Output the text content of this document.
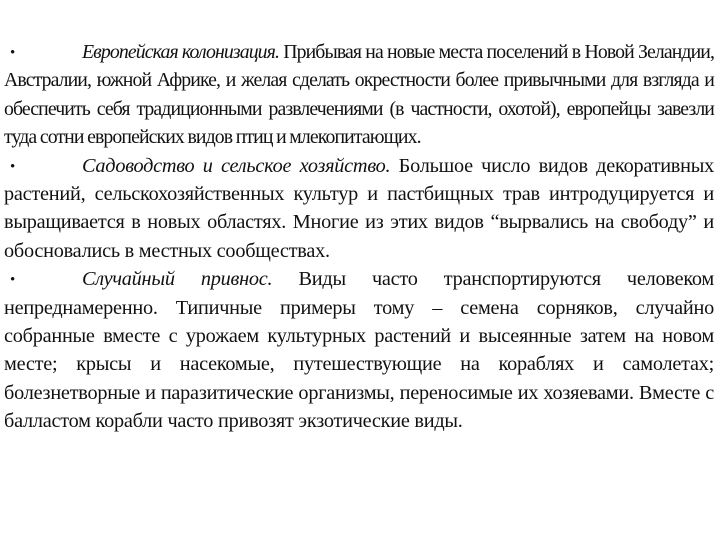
•	Европейская колонизация. Прибывая на новые места поселений в Новой Зеландии, Австралии, южной Африке, и желая сделать окрестности более привычными для взгляда и обеспечить себя традиционными развлечениями (в частности, охотой), европейцы завезли туда сотни европейских видов птиц и млекопитающих.

•	Садоводство и сельское хозяйство. Большое число видов декоративных растений, сельскохозяйственных культур и пастбищных трав интродуцируется и выращивается в новых областях. Многие из этих видов “вырвались на свободу” и обосновались в местных сообществах.

•	Случайный привнос. Виды часто транспортируются человеком непреднамеренно. Типичные примеры тому – семена сорняков, случайно собранные вместе с урожаем культурных растений и высеянные затем на новом месте; крысы и насекомые, путешествующие на кораблях и самолетах; болезнетворные и паразитические организмы, переносимые их хозяевами. Вместе с балластом корабли часто привозят экзотические виды.
